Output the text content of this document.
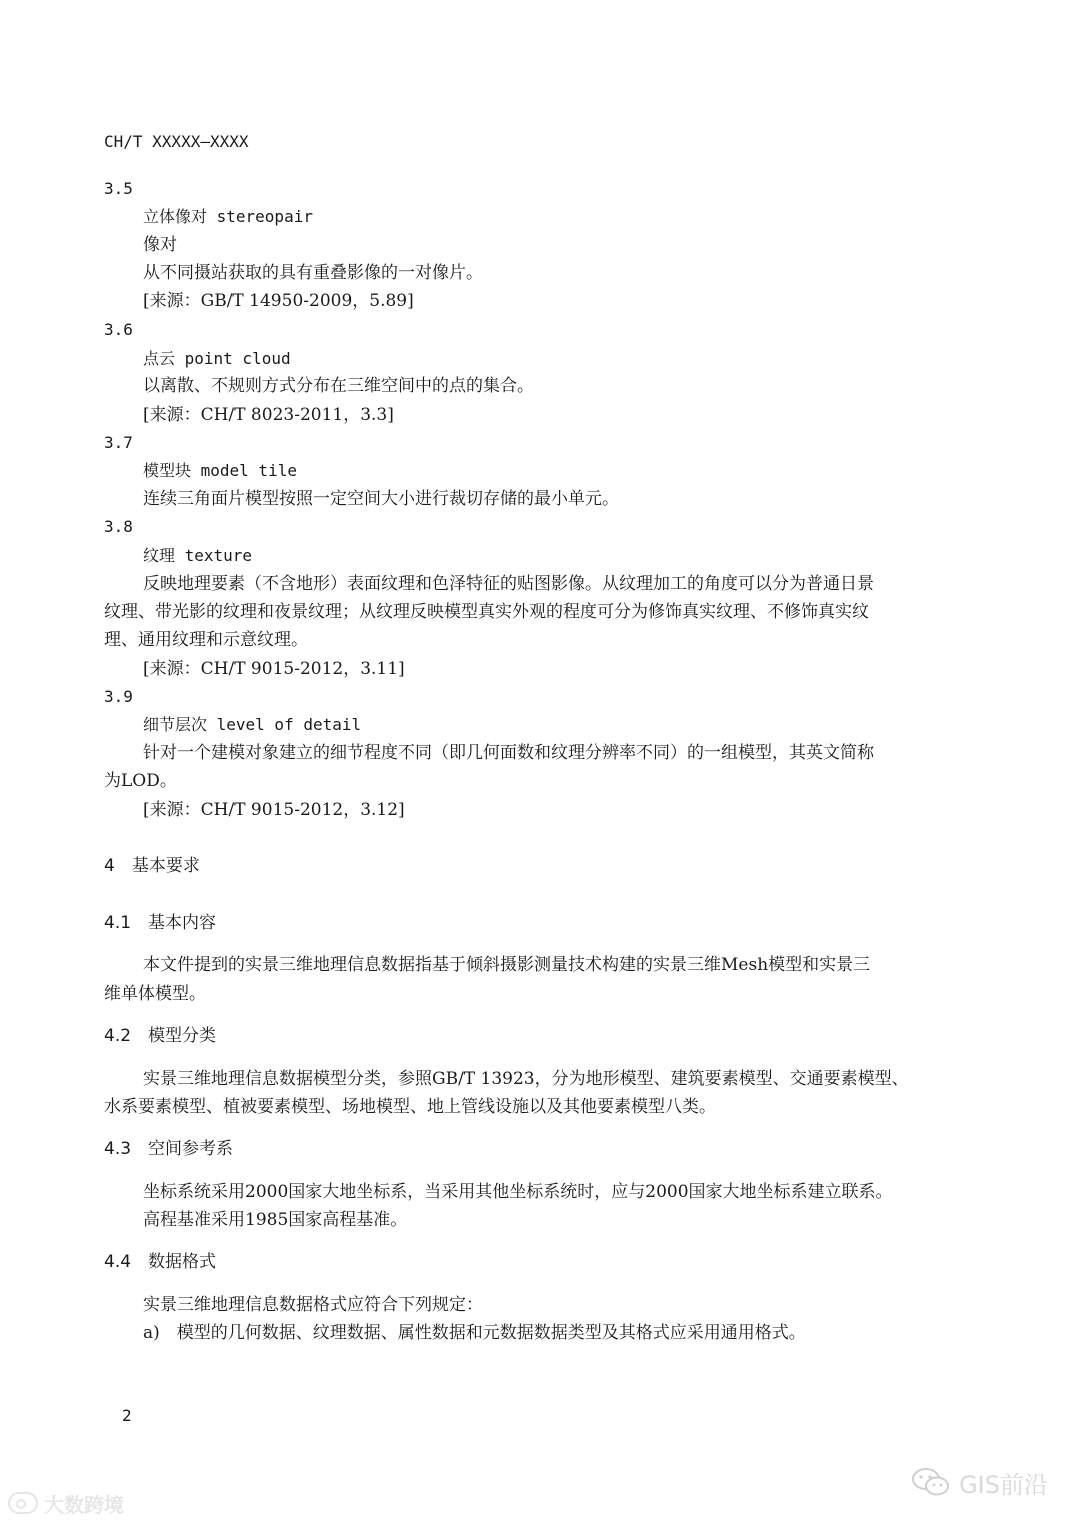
CH/T XXXXX—XXXX
3.5
立体像对 stereopair
像对
从不同摄站获取的具有重叠影像的一对像片。
[来源：GB/T 14950-2009，5.89]
3.6
点云 point cloud
以离散、不规则方式分布在三维空间中的点的集合。
[来源：CH/T 8023-2011，3.3]
3.7
模型块 model tile
连续三角面片模型按照一定空间大小进行裁切存储的最小单元。
3.8
纹理 texture
反映地理要素（不含地形）表面纹理和色泽特征的贴图影像。从纹理加工的角度可以分为普通日景
纹理、带光影的纹理和夜景纹理；从纹理反映模型真实外观的程度可分为修饰真实纹理、不修饰真实纹
理、通用纹理和示意纹理。
[来源：CH/T 9015-2012，3.11]
3.9
细节层次 level of detail
针对一个建模对象建立的细节程度不同（即几何面数和纹理分辨率不同）的一组模型，其英文简称
为LOD。
[来源：CH/T 9015-2012，3.12]
4　基本要求
4.1　基本内容
本文件提到的实景三维地理信息数据指基于倾斜摄影测量技术构建的实景三维Mesh模型和实景三
维单体模型。
4.2　模型分类
实景三维地理信息数据模型分类，参照GB/T 13923，分为地形模型、建筑要素模型、交通要素模型、
水系要素模型、植被要素模型、场地模型、地上管线设施以及其他要素模型八类。
4.3　空间参考系
坐标系统采用2000国家大地坐标系，当采用其他坐标系统时，应与2000国家大地坐标系建立联系。
高程基准采用1985国家高程基准。
4.4　数据格式
实景三维地理信息数据格式应符合下列规定：
a)　模型的几何数据、纹理数据、属性数据和元数据数据类型及其格式应采用通用格式。
2
大数跨境
GIS前沿
